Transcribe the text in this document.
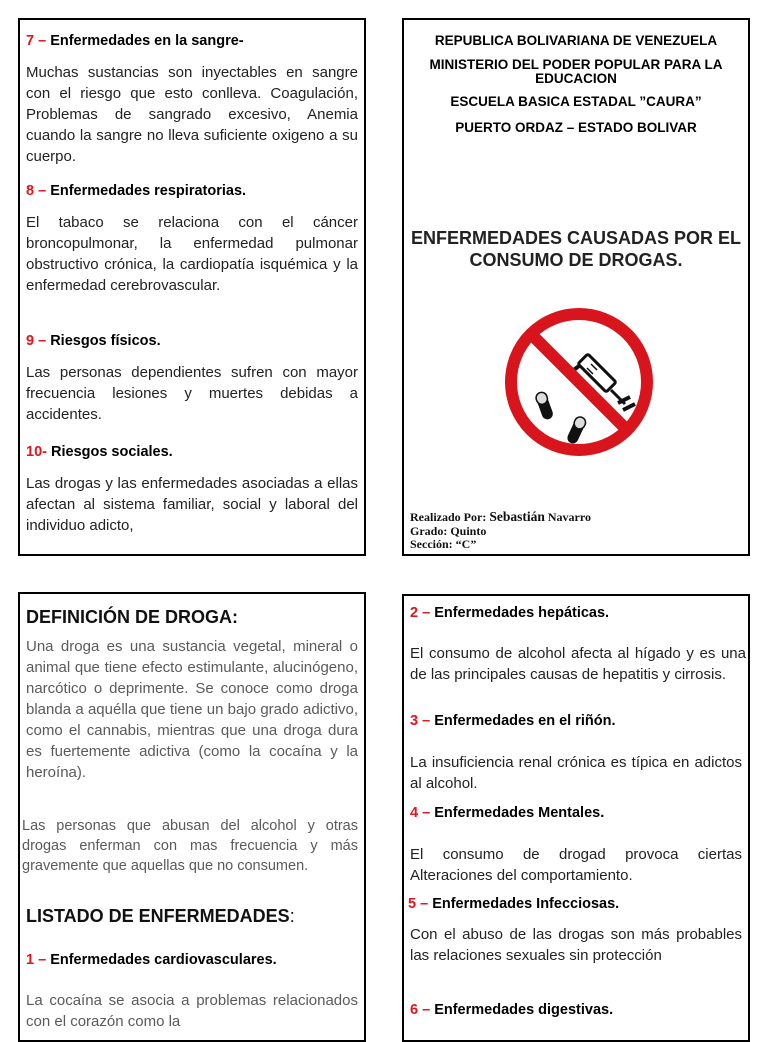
7 – Enfermedades en la sangre-
Muchas sustancias son inyectables en sangre con el riesgo que esto conlleva. Coagulación, Problemas de sangrado excesivo, Anemia cuando la sangre no lleva suficiente oxigeno a su cuerpo.
8 – Enfermedades respiratorias.
El tabaco se relaciona con el cáncer broncopulmonar, la enfermedad pulmonar obstructivo crónica, la cardiopatía isquémica y la enfermedad cerebrovascular.
9 – Riesgos físicos.
Las personas dependientes sufren con mayor frecuencia lesiones y muertes debidas a accidentes.
10- Riesgos sociales.
Las drogas y las enfermedades asociadas a ellas afectan al sistema familiar, social y laboral del individuo adicto,
REPUBLICA BOLIVARIANA DE VENEZUELA
MINISTERIO DEL PODER POPULAR PARA LA EDUCACION
ESCUELA BASICA ESTADAL ”CAURA”
PUERTO ORDAZ – ESTADO BOLIVAR
ENFERMEDADES CAUSADAS POR EL CONSUMO DE DROGAS.
Realizado Por: Sebastián Navarro
Grado: Quinto
Sección: “C”
DEFINICIÓN DE DROGA:
Una droga es una sustancia vegetal, mineral o animal que tiene efecto estimulante, alucinógeno, narcótico o deprimente. Se conoce como droga blanda a aquélla que tiene un bajo grado adictivo, como el cannabis, mientras que una droga dura es fuertemente adictiva (como la cocaína y la heroína).
Las personas que abusan del alcohol y otras drogas enferman con mas frecuencia y más gravemente que aquellas que no consumen.
LISTADO DE ENFERMEDADES:
1 – Enfermedades cardiovasculares.
La cocaína se asocia a problemas relacionados con el corazón como la
2 – Enfermedades hepáticas.
El consumo de alcohol afecta al hígado y es una de las principales causas de hepatitis y cirrosis.
3 – Enfermedades en el riñón.
La insuficiencia renal crónica es típica en adictos al alcohol.
4 – Enfermedades Mentales.
El consumo de drogad provoca ciertas Alteraciones del comportamiento.
5 – Enfermedades Infecciosas.
Con el abuso de las drogas son más probables las relaciones sexuales sin protección
6 – Enfermedades digestivas.
